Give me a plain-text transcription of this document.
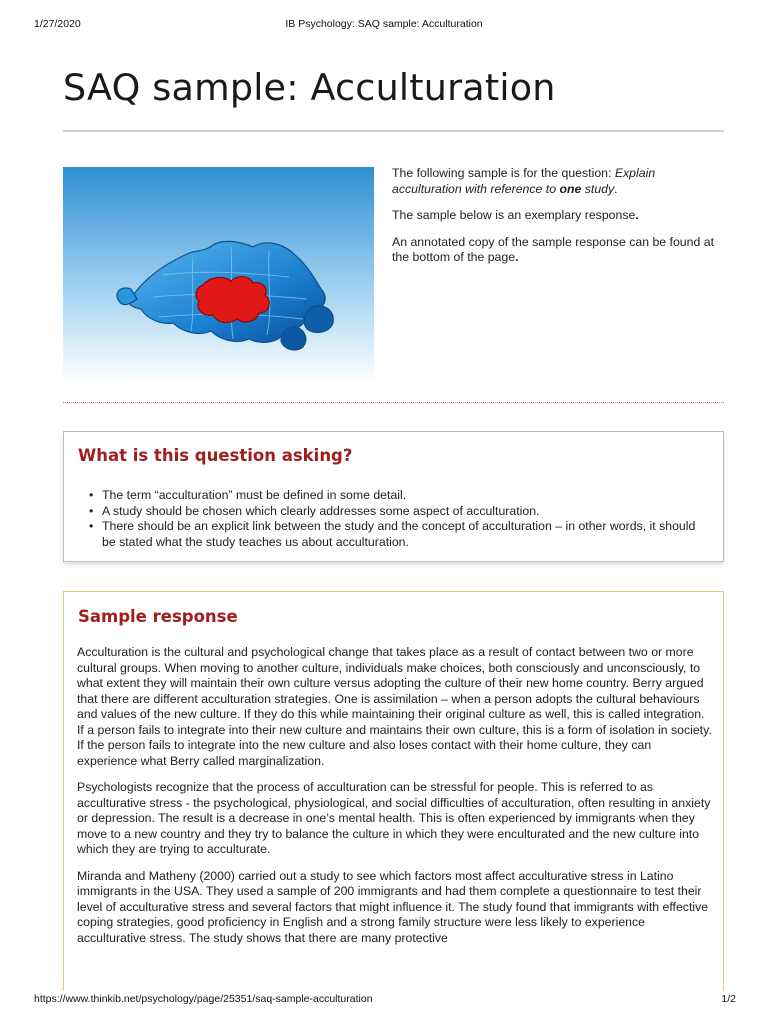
1/27/2020	IB Psychology: SAQ sample: Acculturation
SAQ sample: Acculturation

The following sample is for the question: Explain acculturation with reference to one study.

The sample below is an exemplary response.

An annotated copy of the sample response can be found at the bottom of the page.

What is this question asking?
• The term “acculturation” must be defined in some detail.
• A study should be chosen which clearly addresses some aspect of acculturation.
• There should be an explicit link between the study and the concept of acculturation – in other words, it should be stated what the study teaches us about acculturation.
Sample response

Acculturation is the cultural and psychological change that takes place as a result of contact between two or more cultural groups. When moving to another culture, individuals make choices, both consciously and unconsciously, to what extent they will maintain their own culture versus adopting the culture of their new home country. Berry argued that there are different acculturation strategies. One is assimilation – when a person adopts the cultural behaviours and values of the new culture. If they do this while maintaining their original culture as well, this is called integration. If a person fails to integrate into their new culture and maintains their own culture, this is a form of isolation in society. If the person fails to integrate into the new culture and also loses contact with their home culture, they can experience what Berry called marginalization.

Psychologists recognize that the process of acculturation can be stressful for people. This is referred to as acculturative stress - the psychological, physiological, and social difficulties of acculturation, often resulting in anxiety or depression. The result is a decrease in one’s mental health. This is often experienced by immigrants when they move to a new country and they try to balance the culture in which they were enculturated and the new culture into which they are trying to acculturate.

Miranda and Matheny (2000) carried out a study to see which factors most affect acculturative stress in Latino immigrants in the USA. They used a sample of 200 immigrants and had them complete a questionnaire to test their level of acculturative stress and several factors that might influence it. The study found that immigrants with effective coping strategies, good proficiency in English and a strong family structure were less likely to experience acculturative stress. The study shows that there are many protective

https://www.thinkib.net/psychology/page/25351/saq-sample-acculturation	1/2
